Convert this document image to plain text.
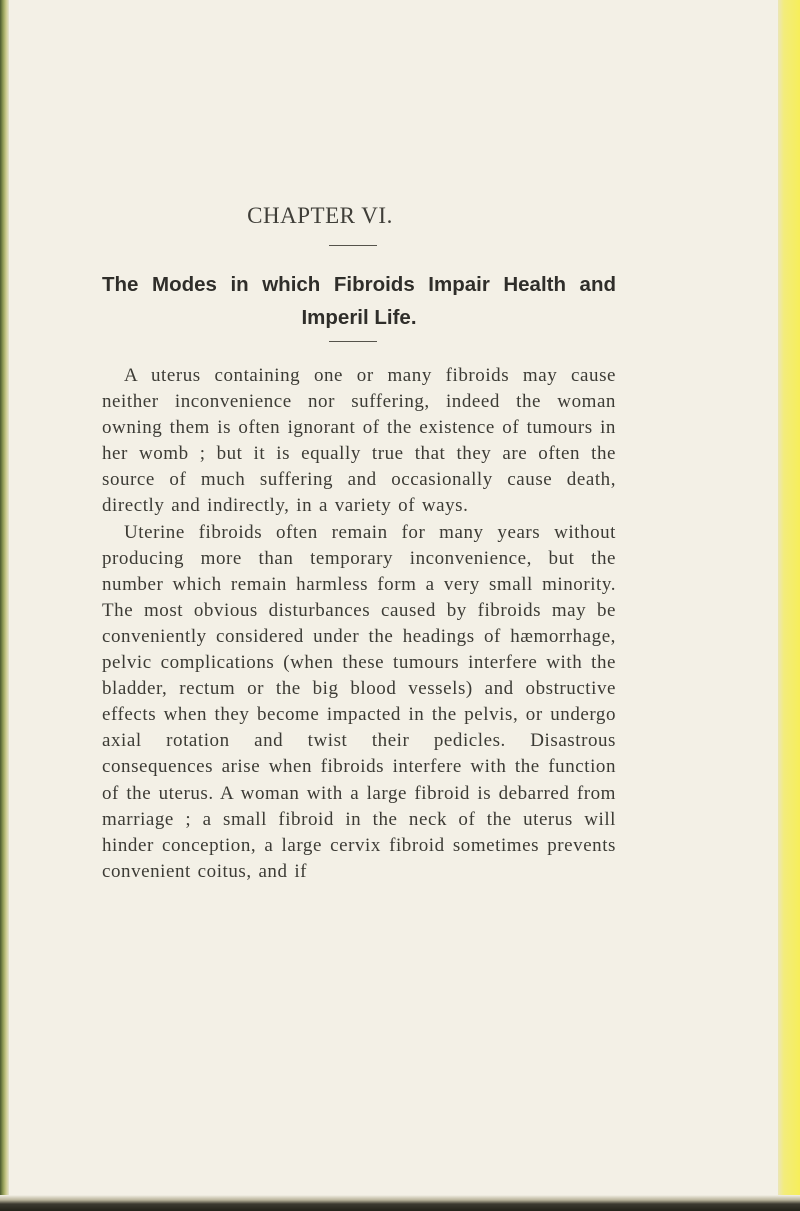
CHAPTER VI.
The Modes in which Fibroids Impair Health and
Imperil Life.

A uterus containing one or many fibroids may cause neither inconvenience nor suffering, indeed the woman owning them is often ignorant of the existence of tumours in her womb ; but it is equally true that they are often the source of much suffering and occasionally cause death, directly and indirectly, in a variety of ways.

Uterine fibroids often remain for many years without producing more than temporary inconvenience, but the number which remain harmless form a very small minority. The most obvious disturbances caused by fibroids may be conveniently considered under the headings of hæmorrhage, pelvic complications (when these tumours interfere with the bladder, rectum or the big blood vessels) and obstructive effects when they become impacted in the pelvis, or undergo axial rotation and twist their pedicles. Disastrous consequences arise when fibroids interfere with the function of the uterus. A woman with a large fibroid is debarred from marriage ; a small fibroid in the neck of the uterus will hinder conception, a large cervix fibroid sometimes prevents convenient coitus, and if
